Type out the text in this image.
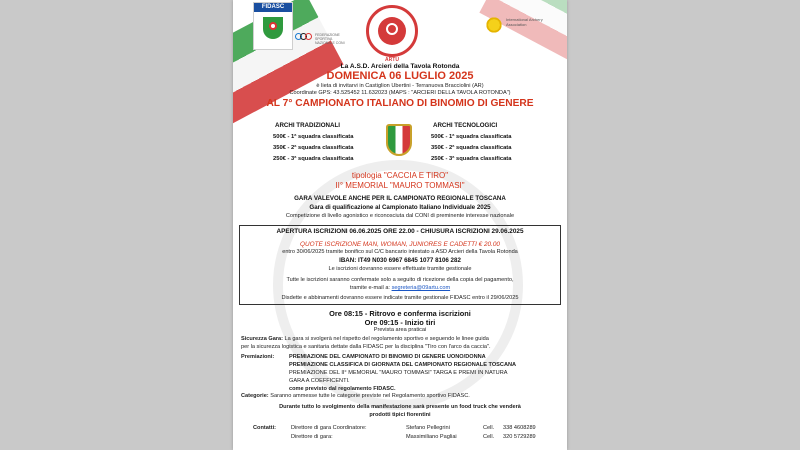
FIDASC
FEDERAZIONE SPORTIVA NAZIONALE CONI
ARTU
International Archery Association
La A.S.D. Arcieri della Tavola Rotonda
DOMENICA 06 LUGLIO 2025
è lieta di invitarvi in Castiglion Ubertini - Terranuova Bracciolini (AR)
Coordinate GPS: 43.525452 11.632023 (MAPS : "ARCIERI DELLA TAVOLA ROTONDA")
AL 7° CAMPIONATO ITALIANO DI BINOMIO DI GENERE
ARCHI TRADIZIONALI
500€ - 1ª squadra classificata
350€ - 2ª squadra classificata
250€ - 3ª squadra classificata
ARCHI TECNOLOGICI
500€ - 1ª squadra classificata
350€ - 2ª squadra classificata
250€ - 3ª squadra classificata
tipologia "CACCIA E TIRO"
II° MEMORIAL "MAURO TOMMASI"
GARA VALEVOLE ANCHE PER IL CAMPIONATO REGIONALE TOSCANA
Gara di qualificazione al Campionato Italiano Individuale 2025
Competizione di livello agonistico e riconosciuta dal CONI di preminente interesse nazionale
APERTURA ISCRIZIONI 06.06.2025 ORE 22.00 - CHIUSURA ISCRIZIONI 29.06.2025
QUOTE ISCRIZIONE MAN, WOMAN, JUNIORES E CADETTI € 20.00
entro 30/06/2025 tramite bonifico sul C/C bancario intestato a ASD Arcieri della Tavola Rotonda
IBAN: IT49 N030 6967 6845 1077 8106 282
Le iscrizioni dovranno essere effettuate tramite gestionale
Tutte le iscrizioni saranno confermate solo a seguito di ricezione della copia del pagamento,
tramite e-mail a: segreteria@09artu.com
Disdette e abbinamenti dovranno essere indicate tramite gestionale FIDASC entro il 29/06/2025
Ore 08:15 - Ritrovo e conferma iscrizioni
Ore 09:15 - Inizio tiri
Prevista area praticai
Sicurezza Gara: La gara si svolgerà nel rispetto del regolamento sportivo e seguendo le linee guida
per la sicurezza logistica e sanitaria dettate dalla FIDASC per la disciplina "Tiro con l'arco da caccia".
Premiazioni:	PREMIAZIONE DEL CAMPIONATO DI BINOMIO DI GENERE UONO/DONNA
PREMIAZIONE CLASSIFICA DI GIORNATA DEL CAMPIONATO REGIONALE TOSCANA
PREMIAZIONE DEL II° MEMORIAL "MAURO TOMMASI" TARGA E PREMI IN NATURA
GARA A COEFFICENTI.
come previsto dal regolamento FIDASC.
Categorie: Saranno ammesse tutte le categorie previste nel Regolamento sportivo FIDASC.
Durante tutto lo svolgimento della manifestazione sarà presente un food truck che venderà
prodotti tipici fiorentini
Contatti:	Direttore di gara Coordinatore:	Stefano Pellegrini	Cell. 338 4608289
Direttore di gara:	Massimiliano Pagliai	Cell. 320 5729289
